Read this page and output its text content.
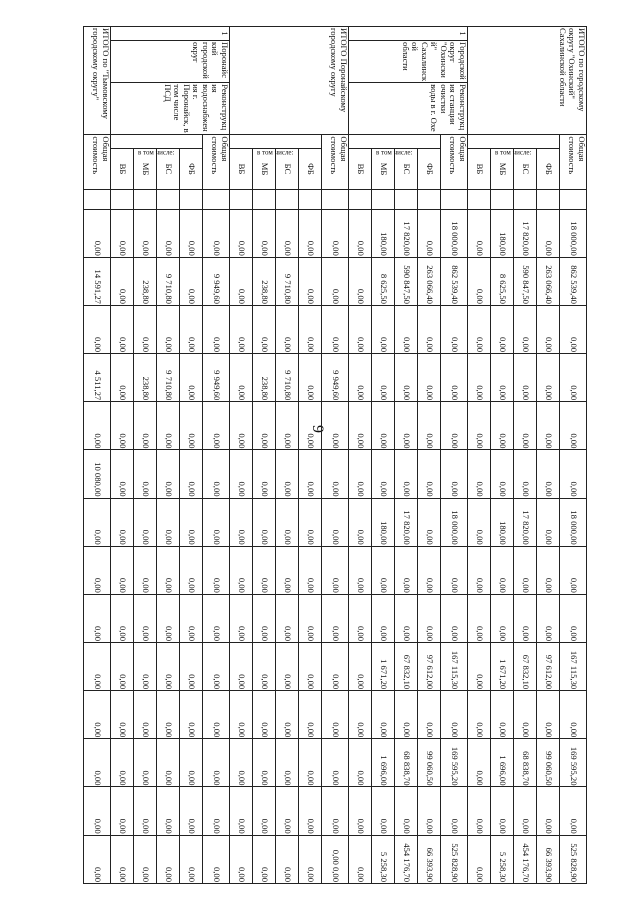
9
ИТОГО по городскому округу "Охинский" Сахалинской области			Общая стоимость			18 000,00	862 539,40	0,00	0,00	0,00	0,00	18 000,00	0,00	0,00	167 115,30	0,00	169 595,20	0,00	525 828,90
			в том числе:	ФБ		0,00	263 066,40	0,00	0,00	0,00	0,00	0,00	0,00	0,00	97 612,00	0,00	99 060,50	0,00	66 393,90
				БС		17 820,00	590 847,50	0,00	0,00	0,00	0,00	17 820,00	0,00	0,00	67 832,10	0,00	68 838,70	0,00	454 176,70
				МБ		180,00	8 625,50	0,00	0,00	0,00	0,00	180,00	0,00	0,00	1 671,20	0,00	1 696,00	0,00	5 258,30
				ВБ		0,00	0,00	0,00	0,00	0,00	0,00	0,00	0,00	0,00	0,00	0,00	0,00	0,00	0,00
1	Городской округ "Охинский" Сахалинской области	Реконструкция станции очистки воды в г. Охе	Общая стоимость			18 000,00	862 539,40	0,00	0,00	0,00	0,00	18 000,00	0,00	0,00	167 115,30	0,00	169 595,20	0,00	525 828,90
			в том числе:	ФБ		0,00	263 066,40	0,00	0,00	0,00	0,00	0,00	0,00	0,00	97 612,00	0,00	99 060,50	0,00	66 393,90
				БС		17 820,00	590 847,50	0,00	0,00	0,00	0,00	17 820,00	0,00	0,00	67 832,10	0,00	68 838,70	0,00	454 176,70
				МБ		180,00	8 625,50	0,00	0,00	0,00	0,00	180,00	0,00	0,00	1 671,20	0,00	1 696,00	0,00	5 258,30
				ВБ		0,00	0,00	0,00	0,00	0,00	0,00	0,00	0,00	0,00	0,00	0,00	0,00	0,00	0,00
ИТОГО Поронайскому городскому округу			Общая стоимость			0,00	0,00	0,00	9 949,60	0,00	0,00	0,00	0,00	0,00	0,00	0,00	0,00	0,00	0,00 0,00
			в том числе:	ФБ		0,00	0,00	0,00	0,00	0,00	0,00	0,00	0,00	0,00	0,00	0,00	0,00	0,00	0,00
				БС		0,00	9 710,80	0,00	9 710,80	0,00	0,00	0,00	0,00	0,00	0,00	0,00	0,00	0,00	0,00
				МБ		0,00	238,80	0,00	238,80	0,00	0,00	0,00	0,00	0,00	0,00	0,00	0,00	0,00	0,00
				ВБ		0,00	0,00	0,00	0,00	0,00	0,00	0,00	0,00	0,00	0,00	0,00	0,00	0,00	0,00
1	Поронайский городской округ	Реконструкция водоснабжения г. Поронайск, в том числе ПСД	Общая стоимость			0,00	9 949,60	0,00	9 949,60	0,00	0,00	0,00	0,00	0,00	0,00	0,00	0,00	0,00	0,00
			в том числе:	ФБ		0,00	0,00	0,00	0,00	0,00	0,00	0,00	0,00	0,00	0,00	0,00	0,00	0,00	0,00
				БС		0,00	9 710,80	0,00	9 710,80	0,00	0,00	0,00	0,00	0,00	0,00	0,00	0,00	0,00	0,00
				МБ		0,00	238,80	0,00	238,80	0,00	0,00	0,00	0,00	0,00	0,00	0,00	0,00	0,00	0,00
				ВБ		0,00	0,00	0,00	0,00	0,00	0,00	0,00	0,00	0,00	0,00	0,00	0,00	0,00	0,00
ИТОГО по "Тымовскому городскому округу"			Общая стоимость			0,00	14 591,27	0,00	4 511,27	0,00	10 080,00	0,00	0,00	0,00	0,00	0,00	0,00	0,00	0,00
